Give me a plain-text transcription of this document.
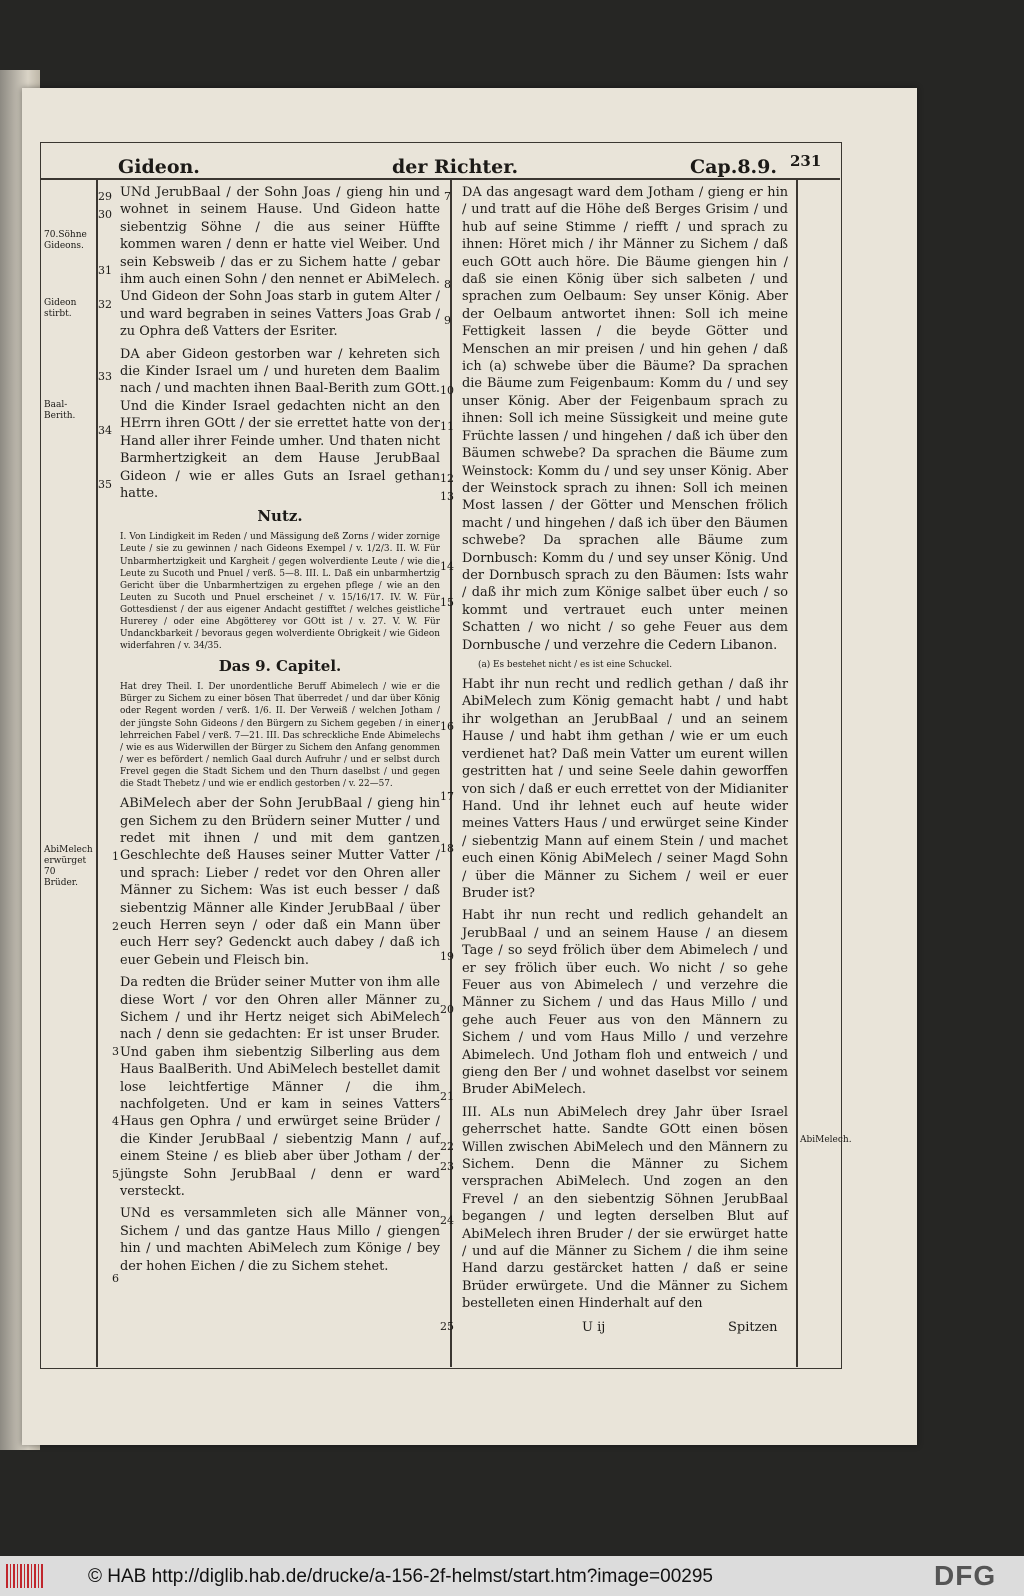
Gideon.	der Richter.	Cap.8.9. 231
70.Söhne Gideons.
Gideon stirbt.
Baal-Berith.
AbiMelech erwürget 70 Brüder.
AbiMelech.
29
30
31
32
33
34
35
1
2
3
4
5
6
7
8
9
10
11
12
13
14
15
16
17
18
19
20
21
22
23
24
25

UNd JerubBaal / der Sohn Joas / gieng hin und wohnet in seinem Hause. Und Gideon hatte siebentzig Söhne / die aus seiner Hüffte kommen waren / denn er hatte viel Weiber. Und sein Kebsweib / das er zu Sichem hatte / gebar ihm auch einen Sohn / den nennet er AbiMelech. Und Gideon der Sohn Joas starb in gutem Alter / und ward begraben in seines Vatters Joas Grab / zu Ophra deß Vatters der Esriter.

DA aber Gideon gestorben war / kehreten sich die Kinder Israel um / und hureten dem Baalim nach / und machten ihnen Baal-Berith zum GOtt. Und die Kinder Israel gedachten nicht an den HErrn ihren GOtt / der sie errettet hatte von der Hand aller ihrer Feinde umher. Und thaten nicht Barmhertzigkeit an dem Hause JerubBaal Gideon / wie er alles Guts an Israel gethan hatte.

Nutz.

I. Von Lindigkeit im Reden / und Mässigung deß Zorns / wider zornige Leute / sie zu gewinnen / nach Gideons Exempel / v. 1/2/3. II. W. Für Unbarmhertzigkeit und Kargheit / gegen wolverdiente Leute / wie die Leute zu Sucoth und Pnuel / verß. 5—8. III. L. Daß ein unbarmhertzig Gericht über die Unbarmhertzigen zu ergehen pflege / wie an den Leuten zu Sucoth und Pnuel erscheinet / v. 15/16/17. IV. W. Für Gottesdienst / der aus eigener Andacht gestifftet / welches geistliche Hurerey / oder eine Abgötterey vor GOtt ist / v. 27. V. W. Für Undanckbarkeit / bevoraus gegen wolverdiente Obrigkeit / wie Gideon widerfahren / v. 34/35.

Das 9. Capitel.

Hat drey Theil. I. Der unordentliche Beruff Abimelech / wie er die Bürger zu Sichem zu einer bösen That überredet / und dar über König oder Regent worden / verß. 1/6. II. Der Verweiß / welchen Jotham / der jüngste Sohn Gideons / den Bürgern zu Sichem gegeben / in einer lehrreichen Fabel / verß. 7—21. III. Das schreckliche Ende Abimelechs / wie es aus Widerwillen der Bürger zu Sichem den Anfang genommen / wer es befördert / nemlich Gaal durch Aufruhr / und er selbst durch Frevel gegen die Stadt Sichem und den Thurn daselbst / und gegen die Stadt Thebetz / und wie er endlich gestorben / v. 22—57.

ABiMelech aber der Sohn JerubBaal / gieng hin gen Sichem zu den Brüdern seiner Mutter / und redet mit ihnen / und mit dem gantzen Geschlechte deß Hauses seiner Mutter Vatter / und sprach: Lieber / redet vor den Ohren aller Männer zu Sichem: Was ist euch besser / daß siebentzig Männer alle Kinder JerubBaal / über euch Herren seyn / oder daß ein Mann über euch Herr sey? Gedenckt auch dabey / daß ich euer Gebein und Fleisch bin.

Da redten die Brüder seiner Mutter von ihm alle diese Wort / vor den Ohren aller Männer zu Sichem / und ihr Hertz neiget sich AbiMelech nach / denn sie gedachten: Er ist unser Bruder. Und gaben ihm siebentzig Silberling aus dem Haus BaalBerith. Und AbiMelech bestellet damit lose leichtfertige Männer / die ihm nachfolgeten. Und er kam in seines Vatters Haus gen Ophra / und erwürget seine Brüder / die Kinder JerubBaal / siebentzig Mann / auf einem Steine / es blieb aber über Jotham / der jüngste Sohn JerubBaal / denn er ward versteckt.

UNd es versammleten sich alle Männer von Sichem / und das gantze Haus Millo / giengen hin / und machten AbiMelech zum Könige / bey der hohen Eichen / die zu Sichem stehet.

DA das angesagt ward dem Jotham / gieng er hin / und tratt auf die Höhe deß Berges Grisim / und hub auf seine Stimme / riefft / und sprach zu ihnen: Höret mich / ihr Männer zu Sichem / daß euch GOtt auch höre. Die Bäume giengen hin / daß sie einen König über sich salbeten / und sprachen zum Oelbaum: Sey unser König. Aber der Oelbaum antwortet ihnen: Soll ich meine Fettigkeit lassen / die beyde Götter und Menschen an mir preisen / und hin gehen / daß ich (a) schwebe über die Bäume? Da sprachen die Bäume zum Feigenbaum: Komm du / und sey unser König. Aber der Feigenbaum sprach zu ihnen: Soll ich meine Süssigkeit und meine gute Früchte lassen / und hingehen / daß ich über den Bäumen schwebe? Da sprachen die Bäume zum Weinstock: Komm du / und sey unser König. Aber der Weinstock sprach zu ihnen: Soll ich meinen Most lassen / der Götter und Menschen frölich macht / und hingehen / daß ich über den Bäumen schwebe? Da sprachen alle Bäume zum Dornbusch: Komm du / und sey unser König. Und der Dornbusch sprach zu den Bäumen: Ists wahr / daß ihr mich zum Könige salbet über euch / so kommt und vertrauet euch unter meinen Schatten / wo nicht / so gehe Feuer aus dem Dornbusche / und verzehre die Cedern Libanon.

(a) Es bestehet nicht / es ist eine Schuckel.

Habt ihr nun recht und redlich gethan / daß ihr AbiMelech zum König gemacht habt / und habt ihr wolgethan an JerubBaal / und an seinem Hause / und habt ihm gethan / wie er um euch verdienet hat? Daß mein Vatter um eurent willen gestritten hat / und seine Seele dahin geworffen von sich / daß er euch errettet von der Midianiter Hand. Und ihr lehnet euch auf heute wider meines Vatters Haus / und erwürget seine Kinder / siebentzig Mann auf einem Stein / und machet euch einen König AbiMelech / seiner Magd Sohn / über die Männer zu Sichem / weil er euer Bruder ist?

Habt ihr nun recht und redlich gehandelt an JerubBaal / und an seinem Hause / an diesem Tage / so seyd frölich über dem Abimelech / und er sey frölich über euch. Wo nicht / so gehe Feuer aus von Abimelech / und verzehre die Männer zu Sichem / und das Haus Millo / und gehe auch Feuer aus von den Männern zu Sichem / und vom Haus Millo / und verzehre Abimelech. Und Jotham floh und entweich / und gieng den Ber / und wohnet daselbst vor seinem Bruder AbiMelech.

III. ALs nun AbiMelech drey Jahr über Israel geherrschet hatte. Sandte GOtt einen bösen Willen zwischen AbiMelech und den Männern zu Sichem. Denn die Männer zu Sichem versprachen AbiMelech. Und zogen an den Frevel / an den siebentzig Söhnen JerubBaal begangen / und legten derselben Blut auf AbiMelech ihren Bruder / der sie erwürget hatte / und auf die Männer zu Sichem / die ihm seine Hand darzu gestärcket hatten / daß er seine Brüder erwürgete. Und die Männer zu Sichem bestelleten einen Hinderhalt auf den

U ij	Spitzen
© HAB http://diglib.hab.de/drucke/a-156-2f-helmst/start.htm?image=00295	DFG
